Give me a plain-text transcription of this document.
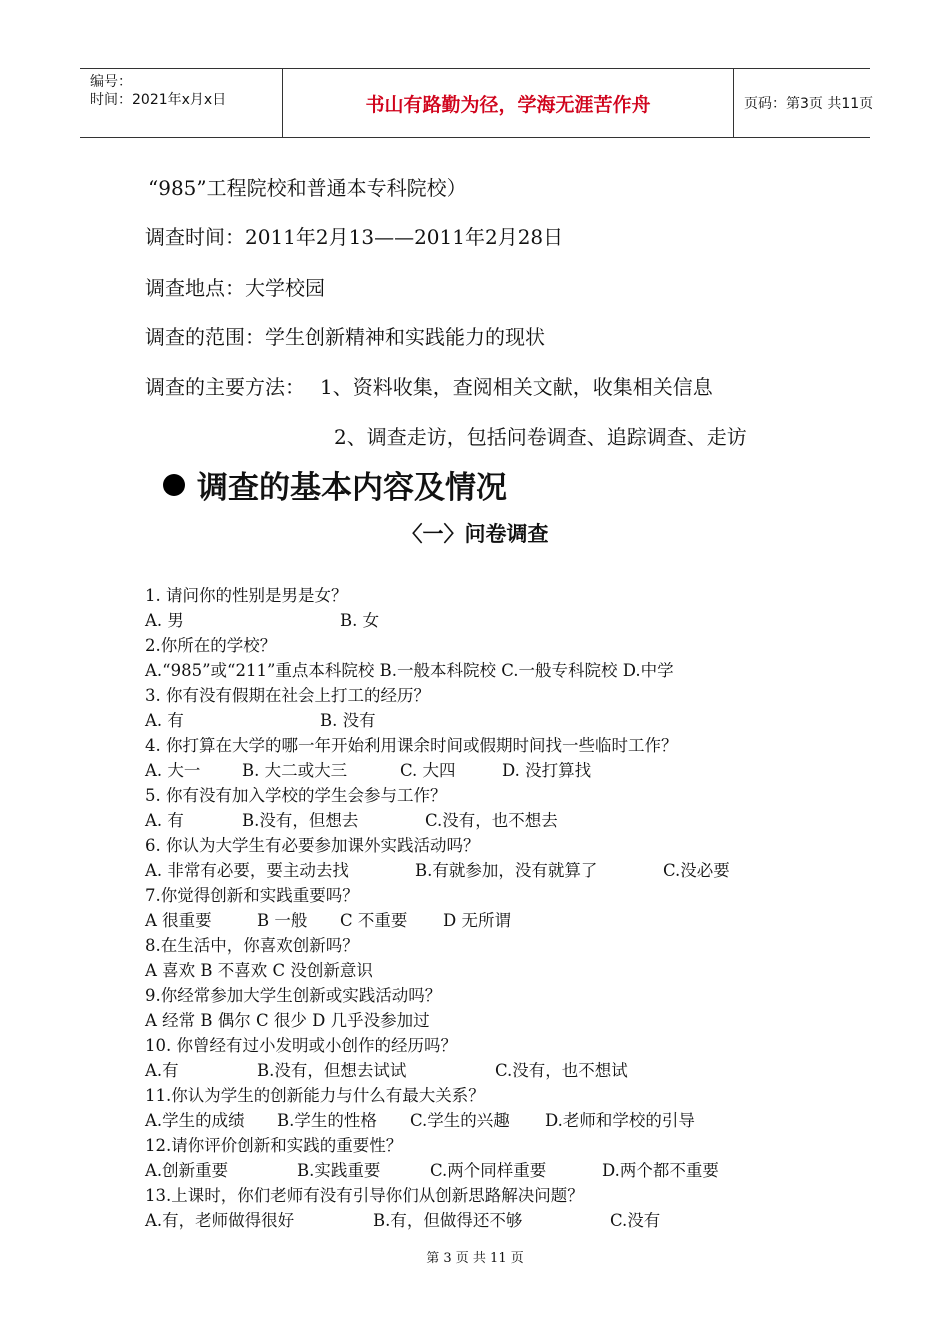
编号：
时间：2021年x月x日	书山有路勤为径，学海无涯苦作舟	页码：第3页 共11页
“985”工程院校和普通本专科院校）
调查时间：2011年2月13——2011年2月28日
调查地点：大学校园
调查的范围：学生创新精神和实践能力的现状
调查的主要方法： 1、资料收集，查阅相关文献，收集相关信息
2、调查走访，包括问卷调查、追踪调查、走访
调查的基本内容及情况
〈一〉问卷调查
1. 请问你的性别是男是女？
A. 男	B. 女
2.你所在的学校？
A.“985”或“211”重点本科院校 B.一般本科院校 C.一般专科院校 D.中学
3. 你有没有假期在社会上打工的经历？
A. 有	B. 没有
4. 你打算在大学的哪一年开始利用课余时间或假期时间找一些临时工作？
A. 大一	B. 大二或大三	C. 大四	D. 没打算找
5. 你有没有加入学校的学生会参与工作？
A. 有	B.没有，但想去	C.没有，也不想去
6. 你认为大学生有必要参加课外实践活动吗？
A. 非常有必要，要主动去找	B.有就参加，没有就算了	C.没必要
7.你觉得创新和实践重要吗？
A 很重要	B 一般 C 不重要 D 无所谓
8.在生活中，你喜欢创新吗？
A 喜欢 B 不喜欢 C 没创新意识
9.你经常参加大学生创新或实践活动吗？
A 经常 B 偶尔 C 很少 D 几乎没参加过
10. 你曾经有过小发明或小创作的经历吗？
A.有	B.没有，但想去试试	C.没有，也不想试
11.你认为学生的创新能力与什么有最大关系？
A.学生的成绩 B.学生的性格 C.学生的兴趣 D.老师和学校的引导
12.请你评价创新和实践的重要性？
A.创新重要	B.实践重要	C.两个同样重要	D.两个都不重要
13.上课时，你们老师有没有引导你们从创新思路解决问题？
A.有，老师做得很好	B.有，但做得还不够	C.没有
第 3 页 共 11 页
